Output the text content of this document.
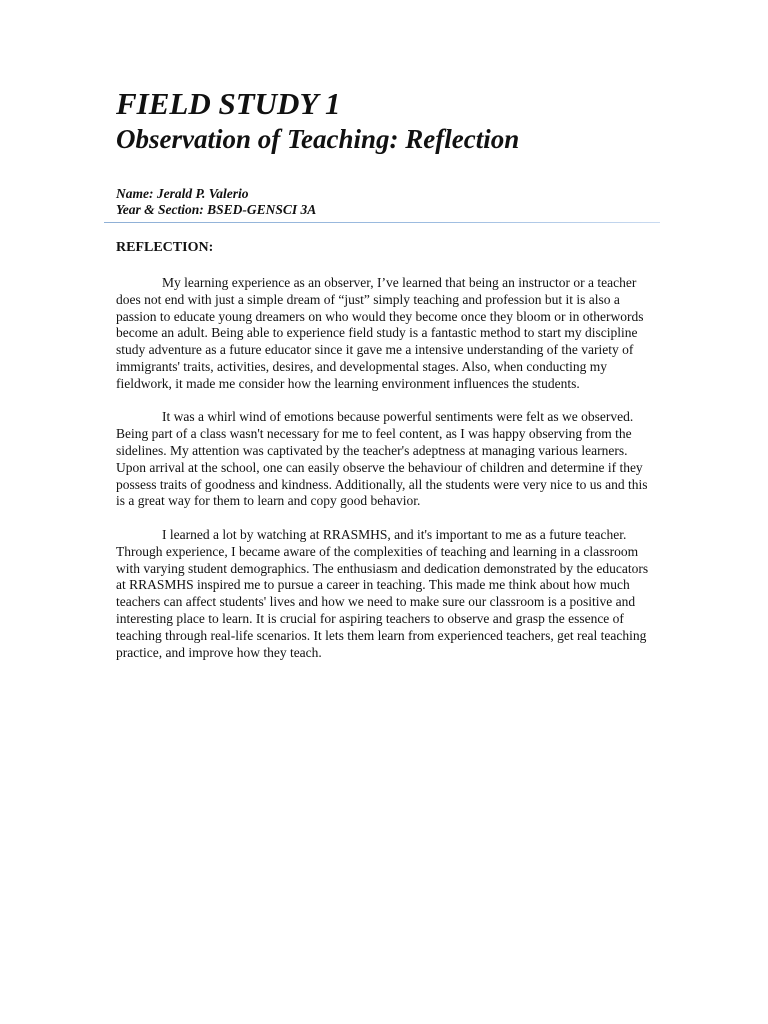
FIELD STUDY 1
Observation of Teaching: Reflection
Name: Jerald P. Valerio
Year & Section: BSED-GENSCI 3A
REFLECTION:

My learning experience as an observer, I’ve learned that being an instructor or a teacher does not end with just a simple dream of “just” simply teaching and profession but it is also a passion to educate young dreamers on who would they become once they bloom or in otherwords become an adult. Being able to experience field study is a fantastic method to start my discipline study adventure as a future educator since it gave me a intensive understanding of the variety of immigrants' traits, activities, desires, and developmental stages. Also, when conducting my fieldwork, it made me consider how the learning environment influences the students.

It was a whirl wind of emotions because powerful sentiments were felt as we observed. Being part of a class wasn't necessary for me to feel content, as I was happy observing from the sidelines. My attention was captivated by the teacher's adeptness at managing various learners. Upon arrival at the school, one can easily observe the behaviour of children and determine if they possess traits of goodness and kindness. Additionally, all the students were very nice to us and this is a great way for them to learn and copy good behavior.

I learned a lot by watching at RRASMHS, and it's important to me as a future teacher. Through experience, I became aware of the complexities of teaching and learning in a classroom with varying student demographics. The enthusiasm and dedication demonstrated by the educators at RRASMHS inspired me to pursue a career in teaching. This made me think about how much teachers can affect students' lives and how we need to make sure our classroom is a positive and interesting place to learn. It is crucial for aspiring teachers to observe and grasp the essence of teaching through real-life scenarios. It lets them learn from experienced teachers, get real teaching practice, and improve how they teach.
